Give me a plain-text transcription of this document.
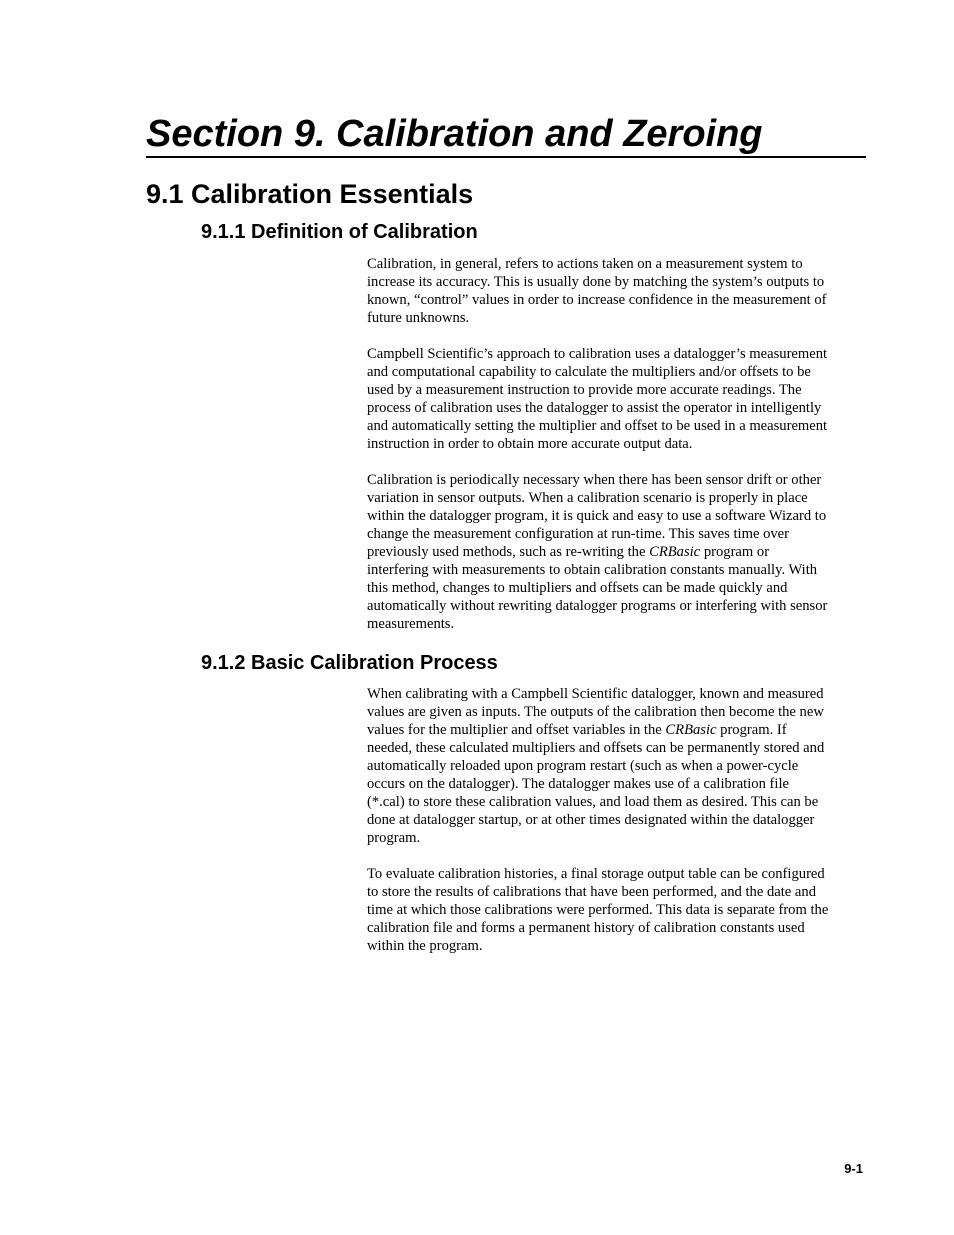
Section 9. Calibration and Zeroing
9.1 Calibration Essentials
9.1.1 Definition of Calibration

Calibration, in general, refers to actions taken on a measurement system to
increase its accuracy. This is usually done by matching the system’s outputs to
known, “control” values in order to increase confidence in the measurement of
future unknowns.

Campbell Scientific’s approach to calibration uses a datalogger’s measurement
and computational capability to calculate the multipliers and/or offsets to be
used by a measurement instruction to provide more accurate readings. The
process of calibration uses the datalogger to assist the operator in intelligently
and automatically setting the multiplier and offset to be used in a measurement
instruction in order to obtain more accurate output data.

Calibration is periodically necessary when there has been sensor drift or other
variation in sensor outputs. When a calibration scenario is properly in place
within the datalogger program, it is quick and easy to use a software Wizard to
change the measurement configuration at run-time. This saves time over
previously used methods, such as re-writing the CRBasic program or
interfering with measurements to obtain calibration constants manually. With
this method, changes to multipliers and offsets can be made quickly and
automatically without rewriting datalogger programs or interfering with sensor
measurements.

9.1.2 Basic Calibration Process

When calibrating with a Campbell Scientific datalogger, known and measured
values are given as inputs. The outputs of the calibration then become the new
values for the multiplier and offset variables in the CRBasic program. If
needed, these calculated multipliers and offsets can be permanently stored and
automatically reloaded upon program restart (such as when a power-cycle
occurs on the datalogger). The datalogger makes use of a calibration file
(*.cal) to store these calibration values, and load them as desired. This can be
done at datalogger startup, or at other times designated within the datalogger
program.

To evaluate calibration histories, a final storage output table can be configured
to store the results of calibrations that have been performed, and the date and
time at which those calibrations were performed. This data is separate from the
calibration file and forms a permanent history of calibration constants used
within the program.

9-1
